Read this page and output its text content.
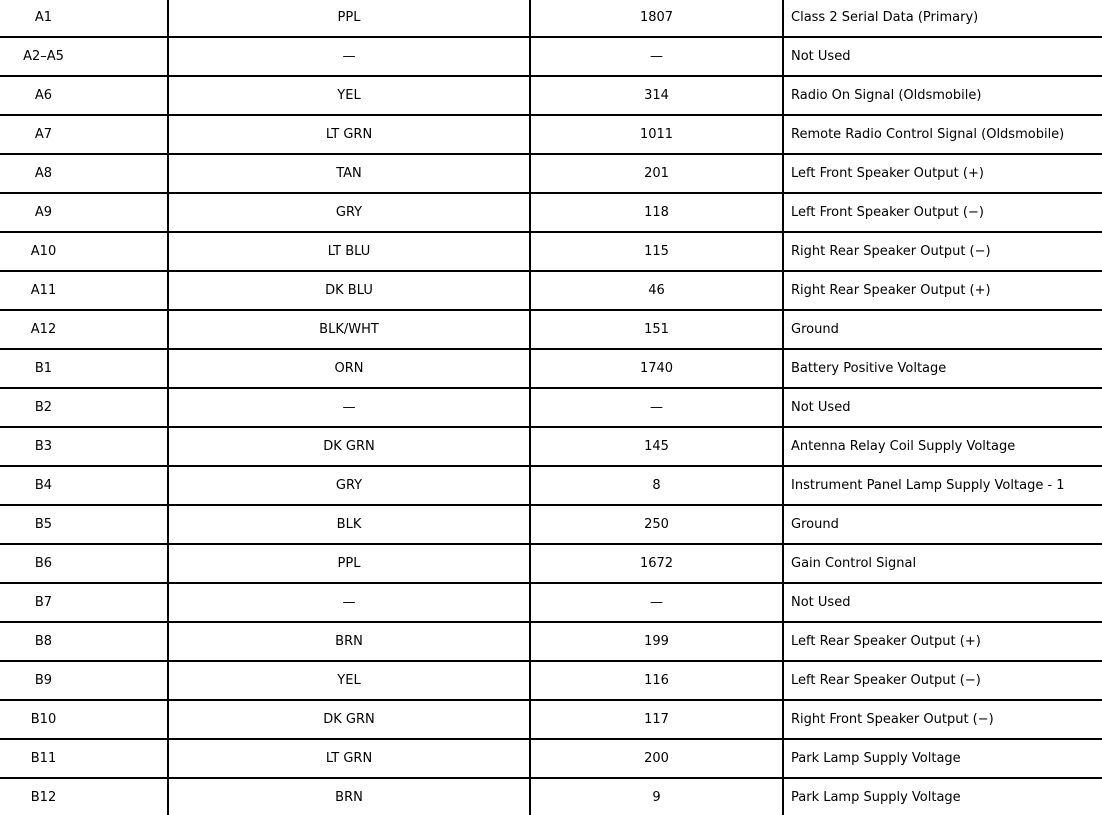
A1	PPL	1807	Class 2 Serial Data (Primary)
A2–A5	—	—	Not Used
A6	YEL	314	Radio On Signal (Oldsmobile)
A7	LT GRN	1011	Remote Radio Control Signal (Oldsmobile)
A8	TAN	201	Left Front Speaker Output (+)
A9	GRY	118	Left Front Speaker Output (−)
A10	LT BLU	115	Right Rear Speaker Output (−)
A11	DK BLU	46	Right Rear Speaker Output (+)
A12	BLK/WHT	151	Ground
B1	ORN	1740	Battery Positive Voltage
B2	—	—	Not Used
B3	DK GRN	145	Antenna Relay Coil Supply Voltage
B4	GRY	8	Instrument Panel Lamp Supply Voltage - 1
B5	BLK	250	Ground
B6	PPL	1672	Gain Control Signal
B7	—	—	Not Used
B8	BRN	199	Left Rear Speaker Output (+)
B9	YEL	116	Left Rear Speaker Output (−)
B10	DK GRN	117	Right Front Speaker Output (−)
B11	LT GRN	200	Park Lamp Supply Voltage
B12	BRN	9	Park Lamp Supply Voltage
